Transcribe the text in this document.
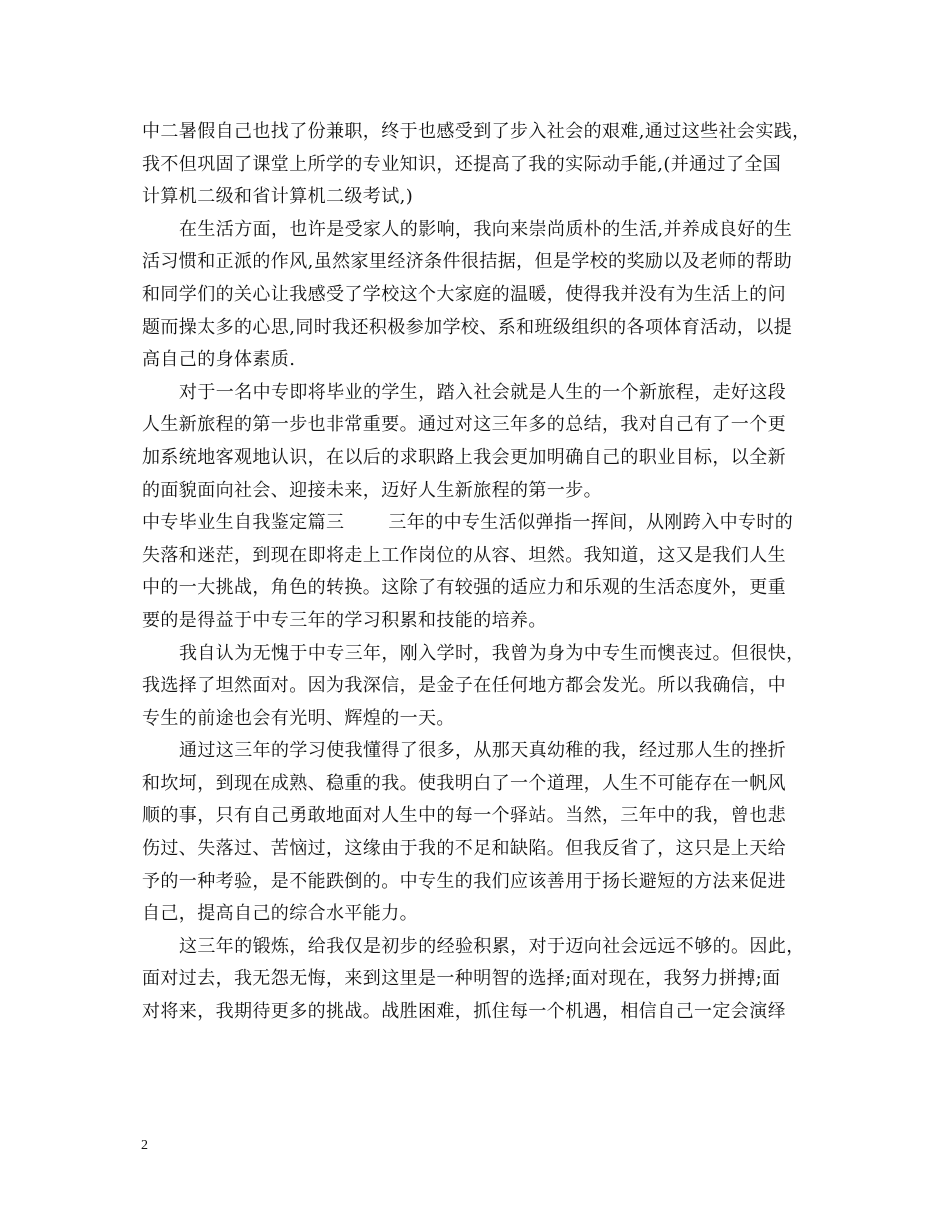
中二暑假自己也找了份兼职，终于也感受到了步入社会的艰难,通过这些社会实践，
我不但巩固了课堂上所学的专业知识，还提高了我的实际动手能,(并通过了全国
计算机二级和省计算机二级考试,)
在生活方面，也许是受家人的影响，我向来崇尚质朴的生活,并养成良好的生
活习惯和正派的作风,虽然家里经济条件很拮据，但是学校的奖励以及老师的帮助
和同学们的关心让我感受了学校这个大家庭的温暖，使得我并没有为生活上的问
题而操太多的心思,同时我还积极参加学校、系和班级组织的各项体育活动，以提
高自己的身体素质.
对于一名中专即将毕业的学生，踏入社会就是人生的一个新旅程，走好这段
人生新旅程的第一步也非常重要。通过对这三年多的总结，我对自己有了一个更
加系统地客观地认识，在以后的求职路上我会更加明确自己的职业目标，以全新
的面貌面向社会、迎接未来，迈好人生新旅程的第一步。
中专毕业生自我鉴定篇三 三年的中专生活似弹指一挥间，从刚跨入中专时的
失落和迷茫，到现在即将走上工作岗位的从容、坦然。我知道，这又是我们人生
中的一大挑战，角色的转换。这除了有较强的适应力和乐观的生活态度外，更重
要的是得益于中专三年的学习积累和技能的培养。
我自认为无愧于中专三年，刚入学时，我曾为身为中专生而懊丧过。但很快，
我选择了坦然面对。因为我深信，是金子在任何地方都会发光。所以我确信，中
专生的前途也会有光明、辉煌的一天。
通过这三年的学习使我懂得了很多，从那天真幼稚的我，经过那人生的挫折
和坎坷，到现在成熟、稳重的我。使我明白了一个道理，人生不可能存在一帆风
顺的事，只有自己勇敢地面对人生中的每一个驿站。当然，三年中的我，曾也悲
伤过、失落过、苦恼过，这缘由于我的不足和缺陷。但我反省了，这只是上天给
予的一种考验，是不能跌倒的。中专生的我们应该善用于扬长避短的方法来促进
自己，提高自己的综合水平能力。
这三年的锻炼，给我仅是初步的经验积累，对于迈向社会远远不够的。因此，
面对过去，我无怨无悔，来到这里是一种明智的选择;面对现在，我努力拼搏;面
对将来，我期待更多的挑战。战胜困难，抓住每一个机遇，相信自己一定会演绎
2
